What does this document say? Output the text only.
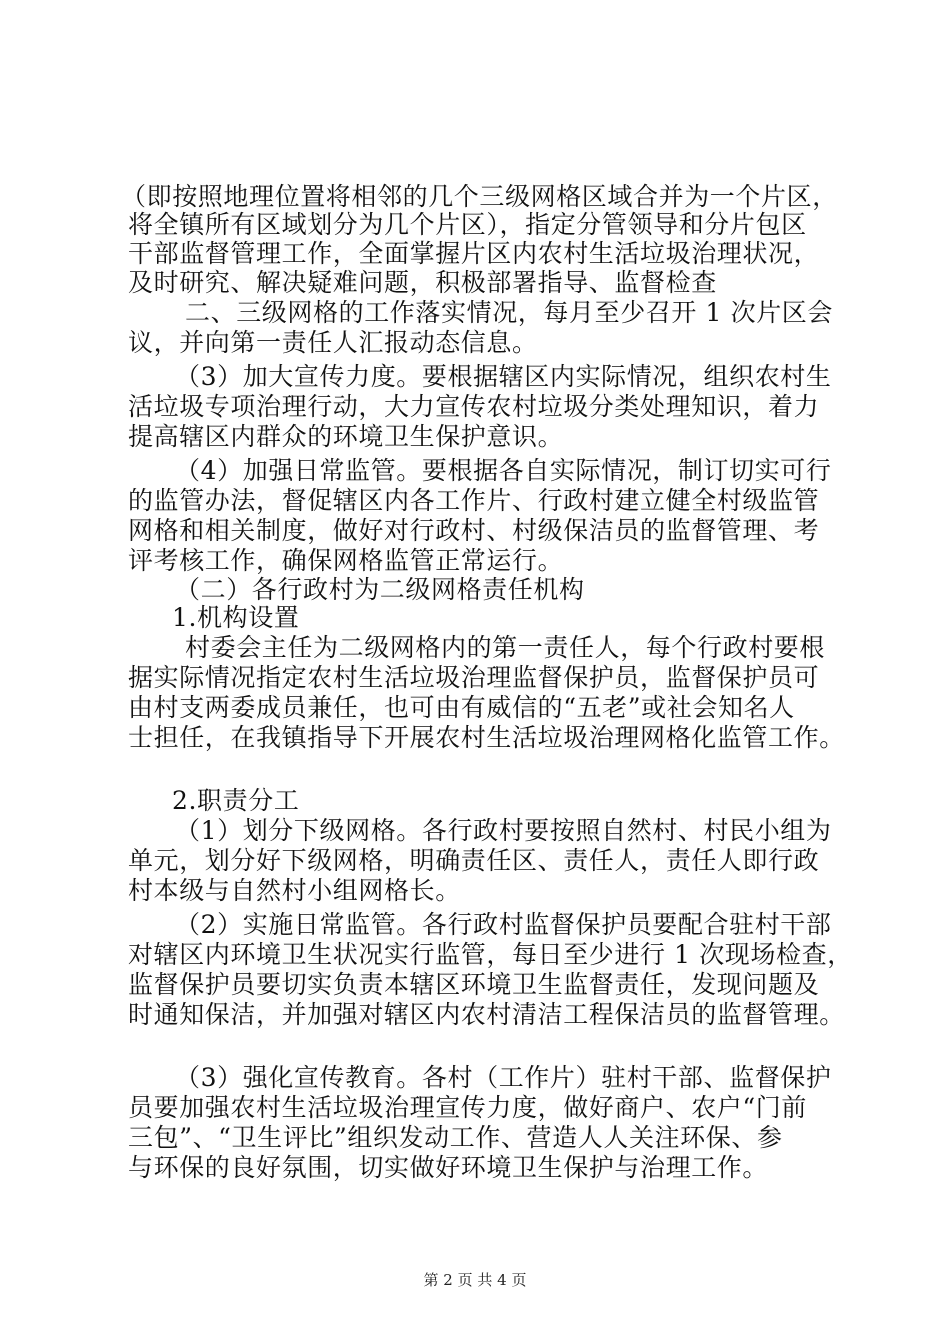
（即按照地理位置将相邻的几个三级网格区域合并为一个片区，
将全镇所有区域划分为几个片区），指定分管领导和分片包区
干部监督管理工作，全面掌握片区内农村生活垃圾治理状况，
及时研究、解决疑难问题，积极部署指导、监督检查
二、三级网格的工作落实情况，每月至少召开 1 次片区会
议，并向第一责任人汇报动态信息。
（3）加大宣传力度。要根据辖区内实际情况，组织农村生
活垃圾专项治理行动，大力宣传农村垃圾分类处理知识，着力
提高辖区内群众的环境卫生保护意识。
（4）加强日常监管。要根据各自实际情况，制订切实可行
的监管办法，督促辖区内各工作片、行政村建立健全村级监管
网格和相关制度，做好对行政村、村级保洁员的监督管理、考
评考核工作，确保网格监管正常运行。
（二）各行政村为二级网格责任机构
1.机构设置
村委会主任为二级网格内的第一责任人，每个行政村要根
据实际情况指定农村生活垃圾治理监督保护员，监督保护员可
由村支两委成员兼任，也可由有威信的“五老”或社会知名人
士担任，在我镇指导下开展农村生活垃圾治理网格化监管工作。
2.职责分工
（1）划分下级网格。各行政村要按照自然村、村民小组为
单元，划分好下级网格，明确责任区、责任人，责任人即行政
村本级与自然村小组网格长。
（2）实施日常监管。各行政村监督保护员要配合驻村干部
对辖区内环境卫生状况实行监管，每日至少进行 1 次现场检查，
监督保护员要切实负责本辖区环境卫生监督责任，发现问题及
时通知保洁，并加强对辖区内农村清洁工程保洁员的监督管理。
（3）强化宣传教育。各村（工作片）驻村干部、监督保护
员要加强农村生活垃圾治理宣传力度，做好商户、农户“门前
三包”、“卫生评比”组织发动工作、营造人人关注环保、参
与环保的良好氛围，切实做好环境卫生保护与治理工作。
第 2 页 共 4 页
